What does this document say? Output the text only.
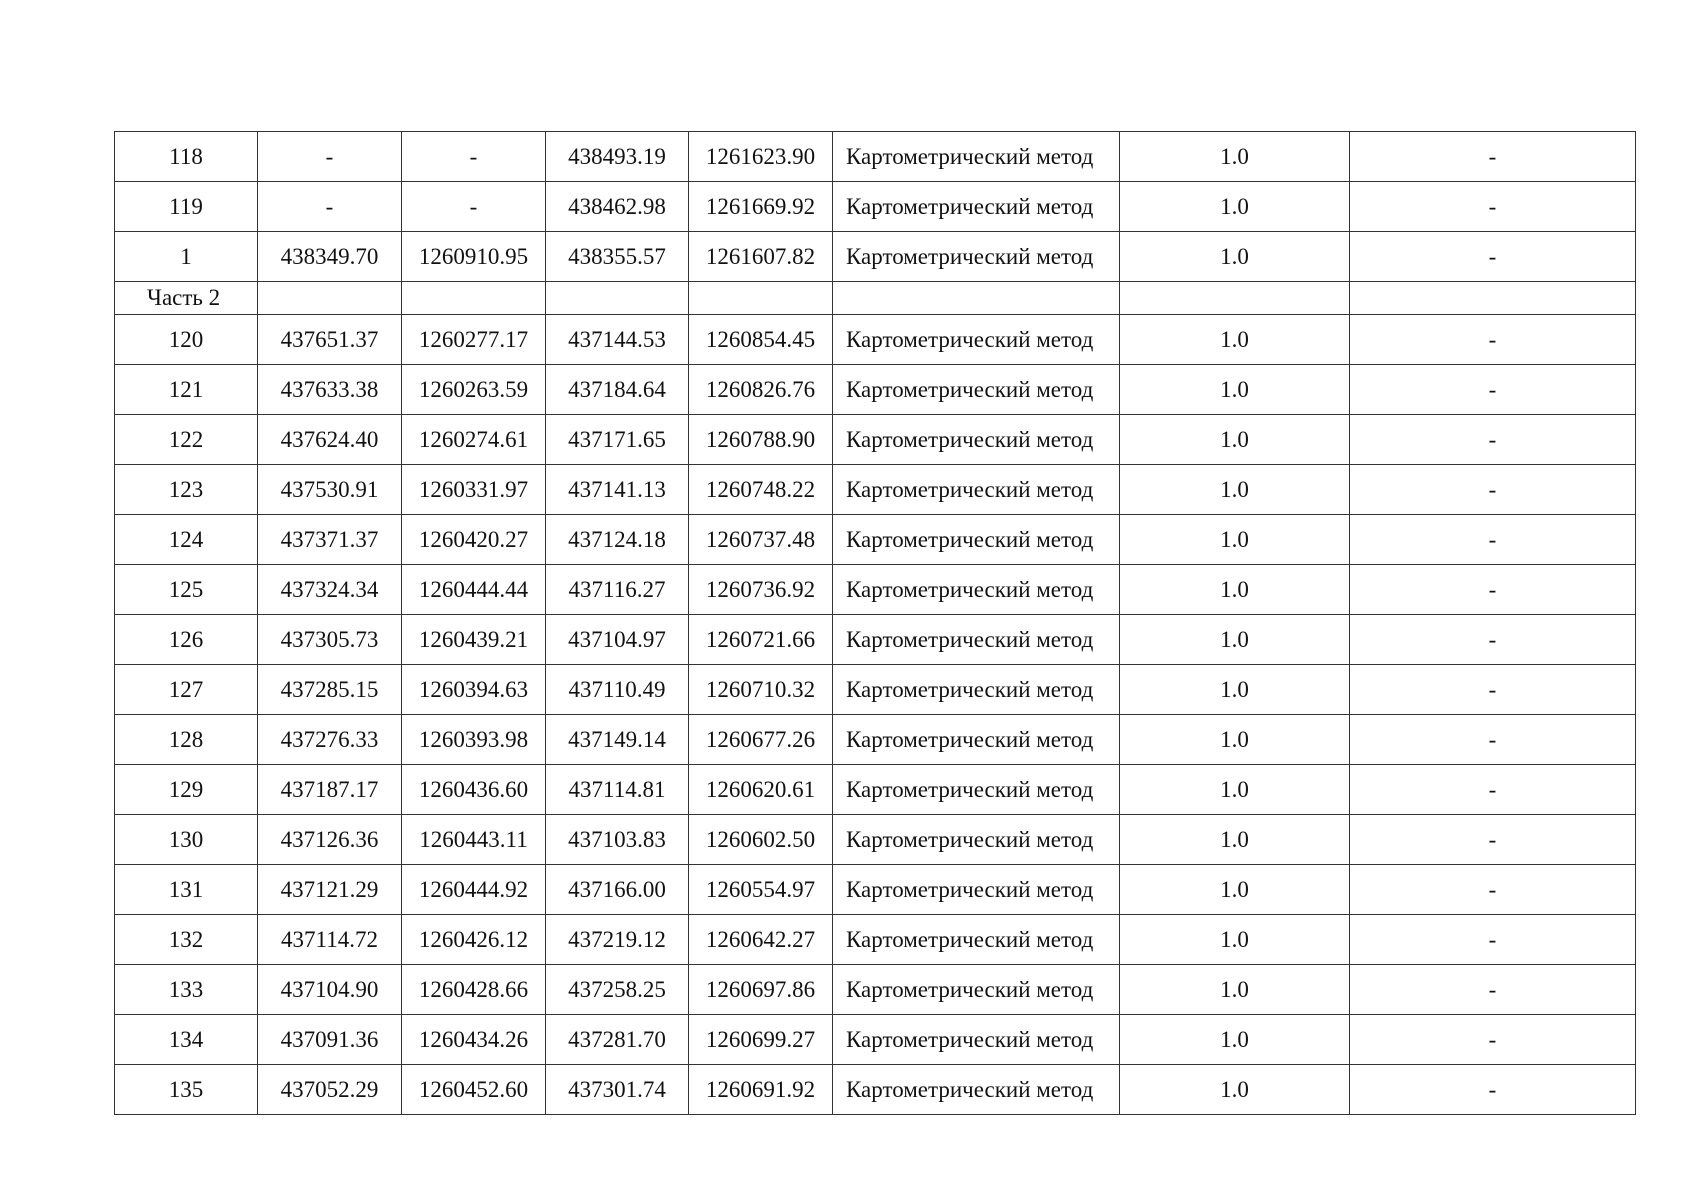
118	-	-	438493.19	1261623.90	Картометрический метод	1.0	-
119	-	-	438462.98	1261669.92	Картометрический метод	1.0	-
1	438349.70	1260910.95	438355.57	1261607.82	Картометрический метод	1.0	-
Часть 2							
120	437651.37	1260277.17	437144.53	1260854.45	Картометрический метод	1.0	-
121	437633.38	1260263.59	437184.64	1260826.76	Картометрический метод	1.0	-
122	437624.40	1260274.61	437171.65	1260788.90	Картометрический метод	1.0	-
123	437530.91	1260331.97	437141.13	1260748.22	Картометрический метод	1.0	-
124	437371.37	1260420.27	437124.18	1260737.48	Картометрический метод	1.0	-
125	437324.34	1260444.44	437116.27	1260736.92	Картометрический метод	1.0	-
126	437305.73	1260439.21	437104.97	1260721.66	Картометрический метод	1.0	-
127	437285.15	1260394.63	437110.49	1260710.32	Картометрический метод	1.0	-
128	437276.33	1260393.98	437149.14	1260677.26	Картометрический метод	1.0	-
129	437187.17	1260436.60	437114.81	1260620.61	Картометрический метод	1.0	-
130	437126.36	1260443.11	437103.83	1260602.50	Картометрический метод	1.0	-
131	437121.29	1260444.92	437166.00	1260554.97	Картометрический метод	1.0	-
132	437114.72	1260426.12	437219.12	1260642.27	Картометрический метод	1.0	-
133	437104.90	1260428.66	437258.25	1260697.86	Картометрический метод	1.0	-
134	437091.36	1260434.26	437281.70	1260699.27	Картометрический метод	1.0	-
135	437052.29	1260452.60	437301.74	1260691.92	Картометрический метод	1.0	-
